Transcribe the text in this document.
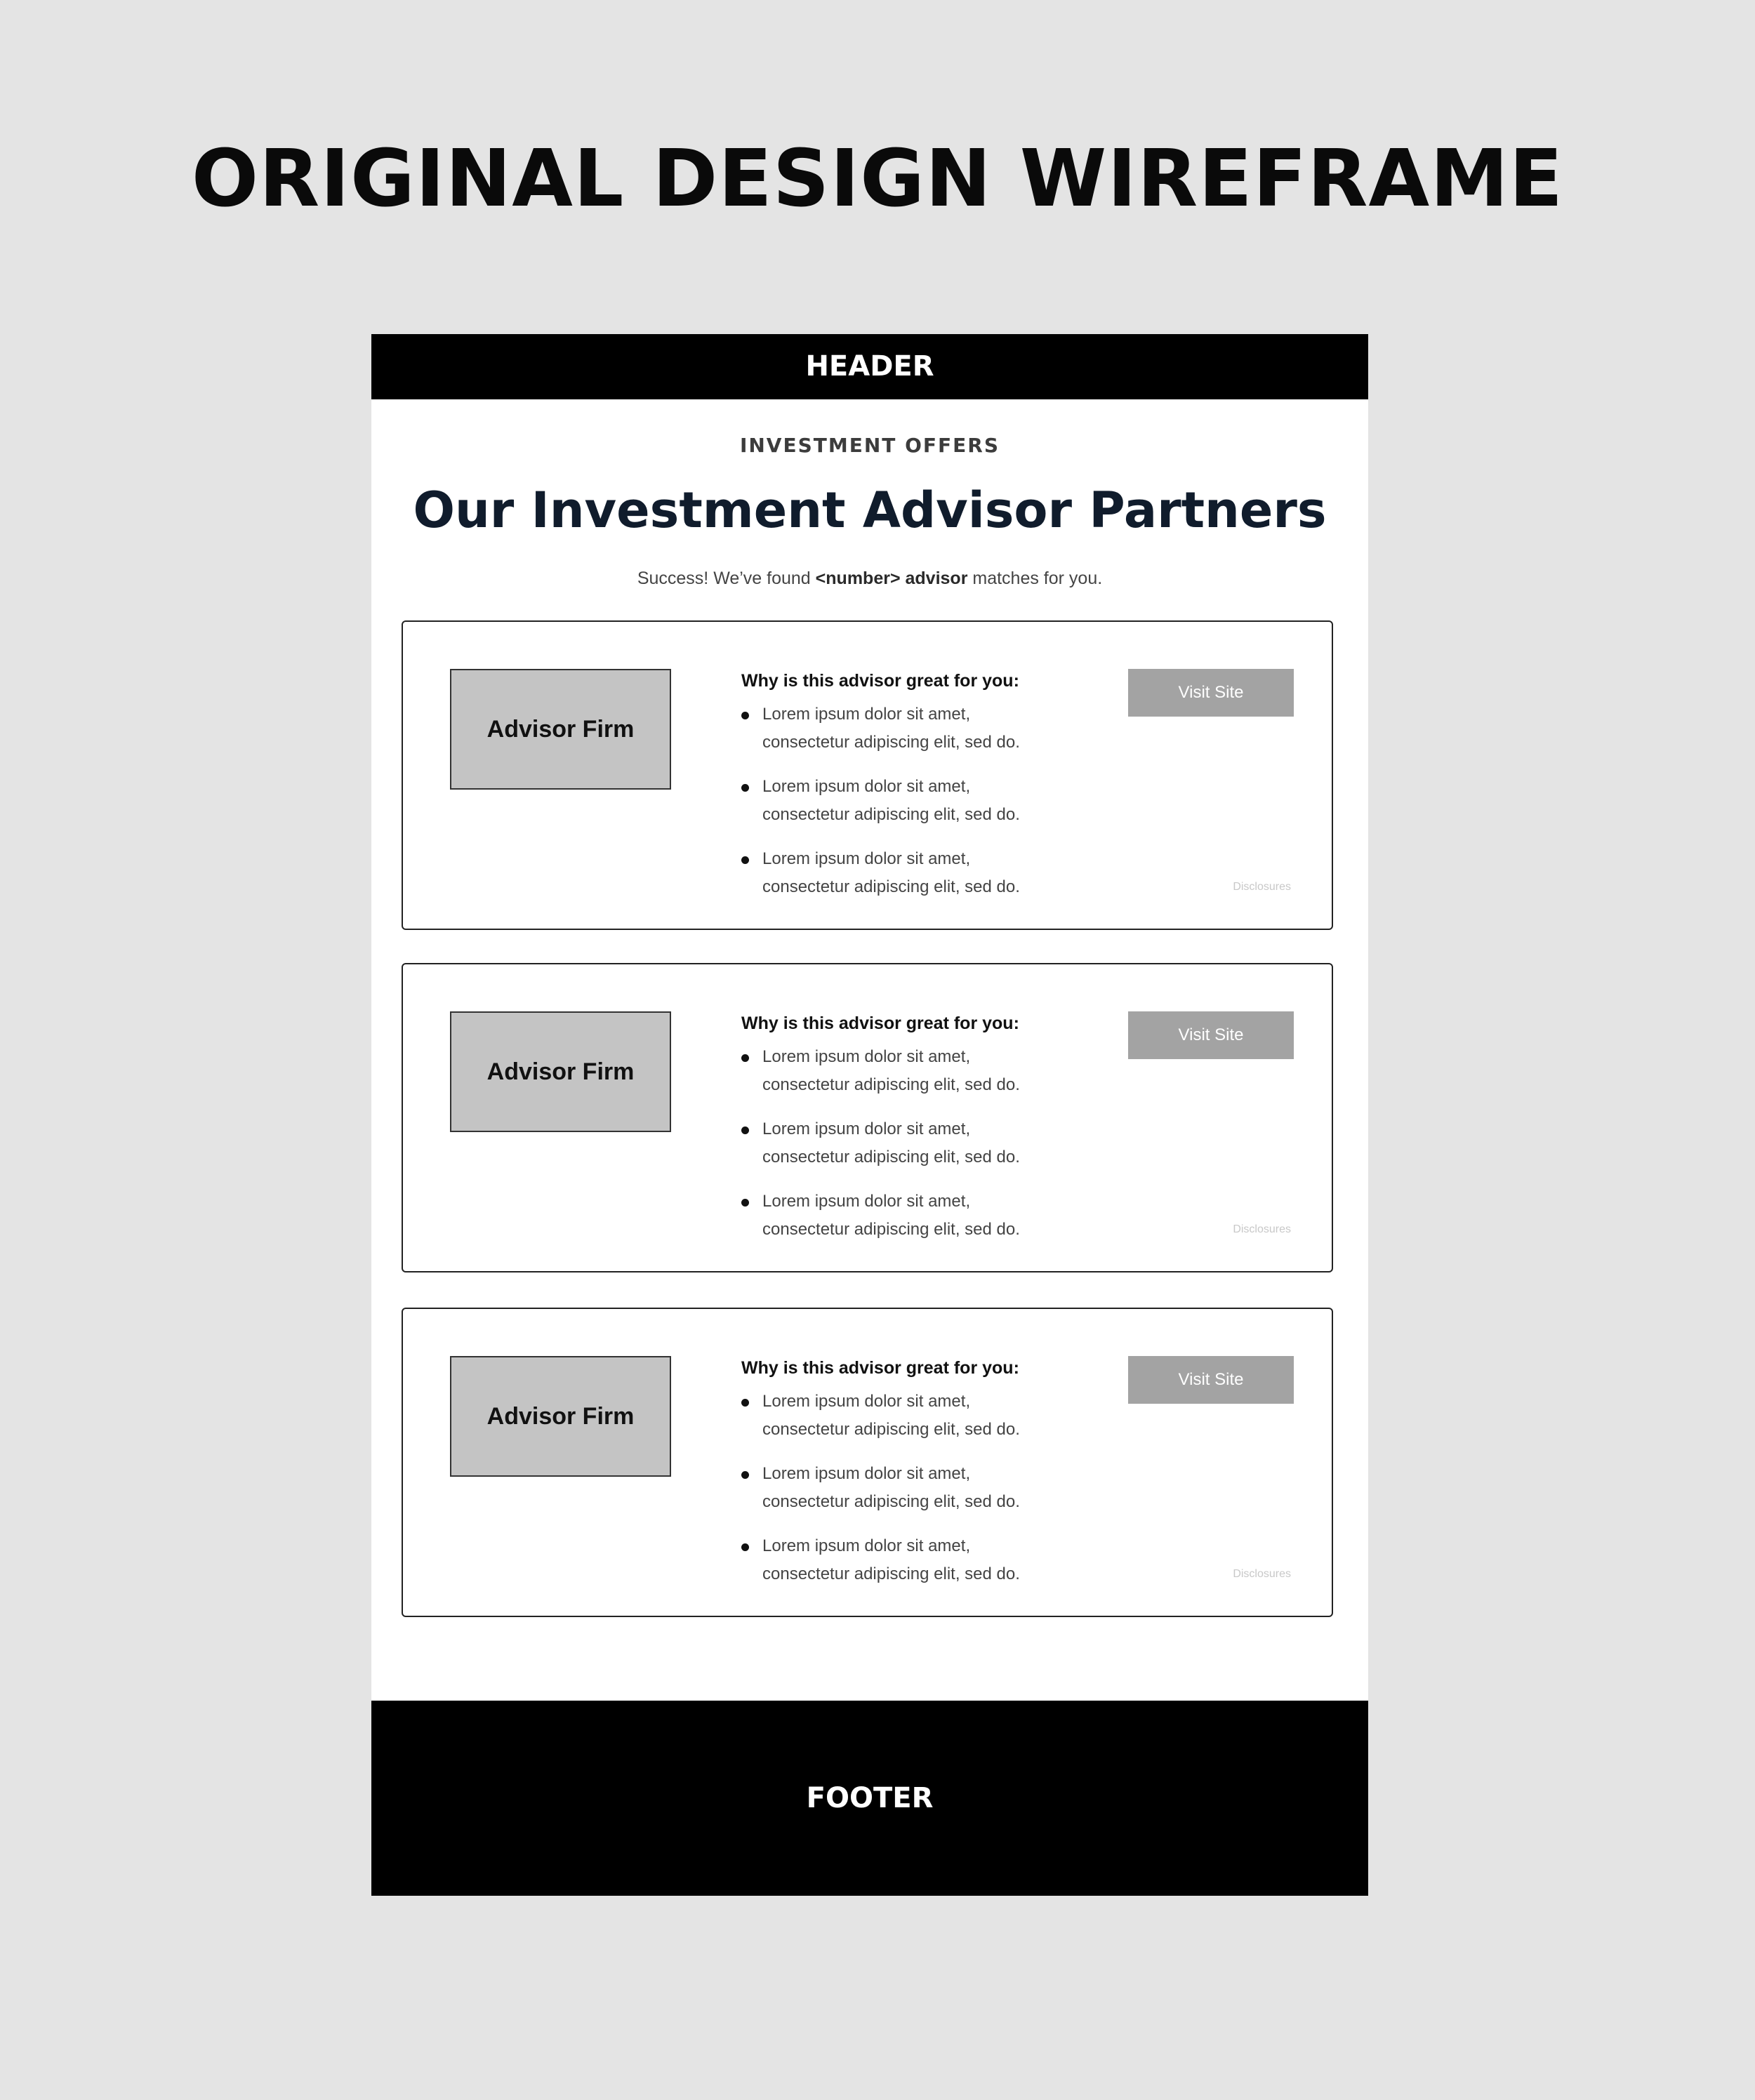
ORIGINAL DESIGN WIREFRAME
HEADER
INVESTMENT OFFERS
Our Investment Advisor Partners
Success! We’ve found <number> advisor matches for you.
Advisor Firm
Why is this advisor great for you:
Lorem ipsum dolor sit amet,
consectetur adipiscing elit, sed do.
Lorem ipsum dolor sit amet,
consectetur adipiscing elit, sed do.
Lorem ipsum dolor sit amet,
consectetur adipiscing elit, sed do.
Visit Site
Disclosures
Advisor Firm
Why is this advisor great for you:
Lorem ipsum dolor sit amet,
consectetur adipiscing elit, sed do.
Lorem ipsum dolor sit amet,
consectetur adipiscing elit, sed do.
Lorem ipsum dolor sit amet,
consectetur adipiscing elit, sed do.
Visit Site
Disclosures
Advisor Firm
Why is this advisor great for you:
Lorem ipsum dolor sit amet,
consectetur adipiscing elit, sed do.
Lorem ipsum dolor sit amet,
consectetur adipiscing elit, sed do.
Lorem ipsum dolor sit amet,
consectetur adipiscing elit, sed do.
Visit Site
Disclosures
FOOTER
